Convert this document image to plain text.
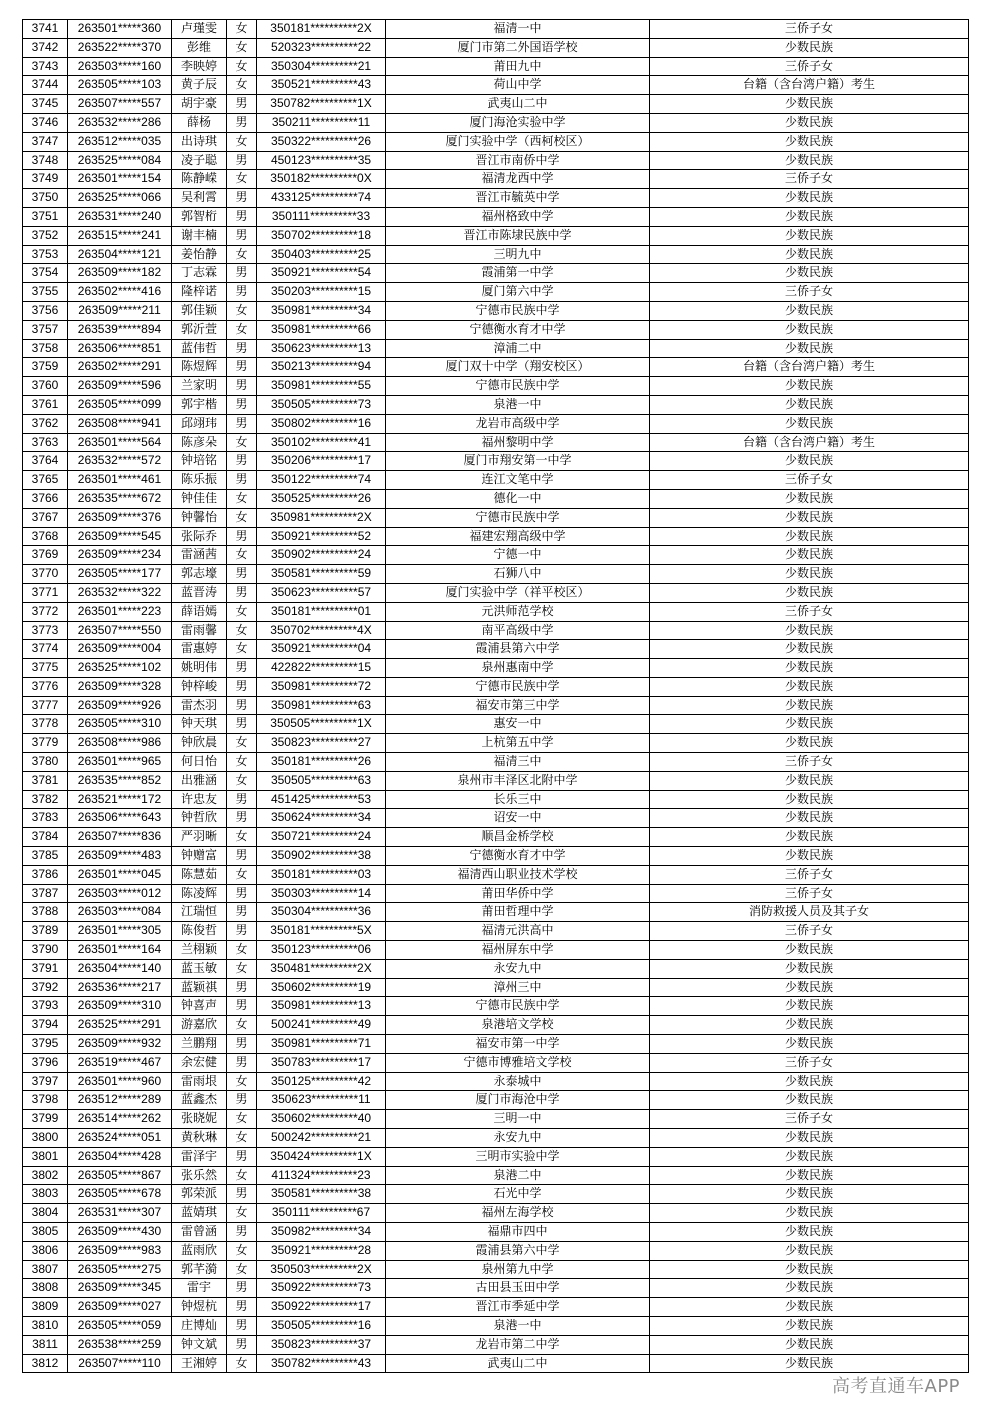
3741	263501*****360	卢瑾雯	女	350181**********2X	福清一中	三侨子女
3742	263522*****370	彭维	女	520323**********22	厦门市第二外国语学校	少数民族
3743	263503*****160	李映婷	女	350304**********21	莆田九中	三侨子女
3744	263505*****103	黄子辰	女	350521**********43	荷山中学	台籍（含台湾户籍）考生
3745	263507*****557	胡宇豪	男	350782**********1X	武夷山二中	少数民族
3746	263532*****286	薛杨	男	350211**********11	厦门海沧实验中学	少数民族
3747	263512*****035	出诗琪	女	350322**********26	厦门实验中学（西柯校区）	少数民族
3748	263525*****084	凌子聪	男	450123**********35	晋江市南侨中学	少数民族
3749	263501*****154	陈静嵘	女	350182**********0X	福清龙西中学	三侨子女
3750	263525*****066	吴利霄	男	433125**********74	晋江市毓英中学	少数民族
3751	263531*****240	郭智桁	男	350111**********33	福州格致中学	少数民族
3752	263515*****241	谢丰楠	男	350702**********18	晋江市陈埭民族中学	少数民族
3753	263504*****121	姜怡静	女	350403**********25	三明九中	少数民族
3754	263509*****182	丁志霖	男	350921**********54	霞浦第一中学	少数民族
3755	263502*****416	隆梓诺	男	350203**********15	厦门第六中学	三侨子女
3756	263509*****211	郭佳颖	女	350981**********34	宁德市民族中学	少数民族
3757	263539*****894	郭沂萱	女	350981**********66	宁德衡水育才中学	少数民族
3758	263506*****851	蓝伟哲	男	350623**********13	漳浦二中	少数民族
3759	263502*****291	陈煜辉	男	350213**********94	厦门双十中学（翔安校区）	台籍（含台湾户籍）考生
3760	263509*****596	兰家明	男	350981**********55	宁德市民族中学	少数民族
3761	263505*****099	郭宇楷	男	350505**********73	泉港一中	少数民族
3762	263508*****941	邱翊玮	男	350802**********16	龙岩市高级中学	少数民族
3763	263501*****564	陈彦朵	女	350102**********41	福州黎明中学	台籍（含台湾户籍）考生
3764	263532*****572	钟培铭	男	350206**********17	厦门市翔安第一中学	少数民族
3765	263501*****461	陈乐振	男	350122**********74	连江文笔中学	三侨子女
3766	263535*****672	钟佳佳	女	350525**********26	德化一中	少数民族
3767	263509*****376	钟馨怡	女	350981**********2X	宁德市民族中学	少数民族
3768	263509*****545	张际乔	男	350921**********52	福建宏翔高级中学	少数民族
3769	263509*****234	雷涵茜	女	350902**********24	宁德一中	少数民族
3770	263505*****177	郭志壕	男	350581**********59	石狮八中	少数民族
3771	263532*****322	蓝晋涛	男	350623**********57	厦门实验中学（祥平校区）	少数民族
3772	263501*****223	薛语嫣	女	350181**********01	元洪师范学校	三侨子女
3773	263507*****550	雷雨馨	女	350702**********4X	南平高级中学	少数民族
3774	263509*****004	雷惠婷	女	350921**********04	霞浦县第六中学	少数民族
3775	263525*****102	姚明伟	男	422822**********15	泉州惠南中学	少数民族
3776	263509*****328	钟梓峻	男	350981**********72	宁德市民族中学	少数民族
3777	263509*****926	雷杰羽	男	350981**********63	福安市第三中学	少数民族
3778	263505*****310	钟天琪	男	350505**********1X	惠安一中	少数民族
3779	263508*****986	钟欣晨	女	350823**********27	上杭第五中学	少数民族
3780	263501*****965	何日怡	女	350181**********26	福清三中	三侨子女
3781	263535*****852	出雅涵	女	350505**********63	泉州市丰泽区北附中学	少数民族
3782	263521*****172	许忠友	男	451425**********53	长乐三中	少数民族
3783	263506*****643	钟哲欣	男	350624**********34	诏安一中	少数民族
3784	263507*****836	严羽晰	女	350721**********24	顺昌金桥学校	少数民族
3785	263509*****483	钟赠富	男	350902**********38	宁德衡水育才中学	少数民族
3786	263501*****045	陈慧茹	女	350181**********03	福清西山职业技术学校	三侨子女
3787	263503*****012	陈凌辉	男	350303**********14	莆田华侨中学	三侨子女
3788	263503*****084	江瑞恒	男	350304**********36	莆田哲理中学	消防救援人员及其子女
3789	263501*****305	陈俊哲	男	350181**********5X	福清元洪高中	三侨子女
3790	263501*****164	兰栩颖	女	350123**********06	福州屏东中学	少数民族
3791	263504*****140	蓝玉敏	女	350481**********2X	永安九中	少数民族
3792	263536*****217	蓝颖祺	男	350602**********19	漳州三中	少数民族
3793	263509*****310	钟喜声	男	350981**********13	宁德市民族中学	少数民族
3794	263525*****291	游嘉欣	女	500241**********49	泉港培文学校	少数民族
3795	263509*****932	兰鹏翔	男	350981**********71	福安市第一中学	少数民族
3796	263519*****467	余宏健	男	350783**********17	宁德市博雅培文学校	三侨子女
3797	263501*****960	雷雨垠	女	350125**********42	永泰城中	少数民族
3798	263512*****289	蓝鑫杰	男	350623**********11	厦门市海沧中学	少数民族
3799	263514*****262	张晓妮	女	350602**********40	三明一中	三侨子女
3800	263524*****051	黄秋琳	女	500242**********21	永安九中	少数民族
3801	263504*****428	雷泽宇	男	350424**********1X	三明市实验中学	少数民族
3802	263505*****867	张乐然	女	411324**********23	泉港二中	少数民族
3803	263505*****678	郭荣派	男	350581**********38	石光中学	少数民族
3804	263531*****307	蓝婧琪	女	350111**********67	福州左海学校	少数民族
3805	263509*****430	雷曾涵	男	350982**********34	福鼎市四中	少数民族
3806	263509*****983	蓝雨欣	女	350921**********28	霞浦县第六中学	少数民族
3807	263505*****275	郭芊漪	女	350503**********2X	泉州第九中学	少数民族
3808	263509*****345	雷宇	男	350922**********73	古田县玉田中学	少数民族
3809	263509*****027	钟煜杭	男	350922**********17	晋江市季延中学	少数民族
3810	263505*****059	庄博灿	男	350505**********16	泉港一中	少数民族
3811	263538*****259	钟文斌	男	350823**********37	龙岩市第二中学	少数民族
3812	263507*****110	王湘婷	女	350782**********43	武夷山二中	少数民族
高考直通车APP
